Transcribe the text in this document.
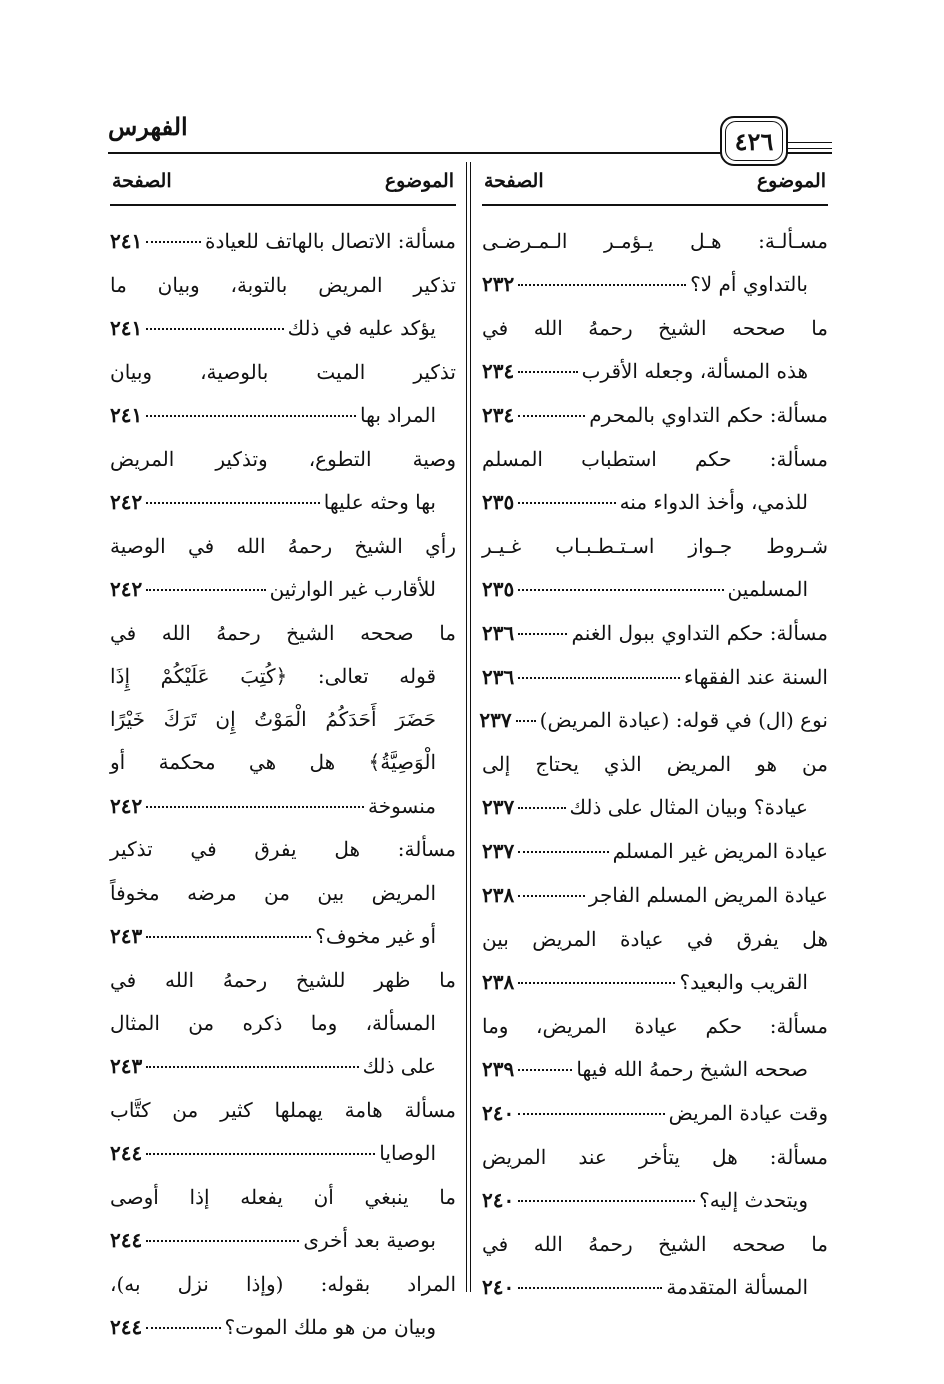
الفهرس	٤٢٦
الموضوع
الصفحة
مسـألـة: هـل يـؤمـر الـمـرضـى
بالتداوي أم لا؟
٢٣٢
ما صححه الشيخ رحمهُ الله في
هذه المسألة، وجعله الأقرب
٢٣٤
مسألة: حكم التداوي بالمحرم
٢٣٤
مسألة: حكم استطباب المسلم
للذمي، وأخذ الدواء منه
٢٣٥
شـروط جـواز اسـتـطـبـاب غـيـر
المسلمين
٢٣٥
مسألة: حكم التداوي ببول الغنم
٢٣٦
السنة عند الفقهاء
٢٣٦
نوع (ال) في قوله: (عيادة المريض)
٢٣٧
من هو المريض الذي يحتاج إلى
عيادة؟ وبيان المثال على ذلك
٢٣٧
عيادة المريض غير المسلم
٢٣٧
عيادة المريض المسلم الفاجر
٢٣٨
هل يفرق في عيادة المريض بين
القريب والبعيد؟
٢٣٨
مسألة: حكم عيادة المريض، وما
صححه الشيخ رحمهُ الله فيها
٢٣٩
وقت عيادة المريض
٢٤٠
مسألة: هل يتأخر عند المريض
ويتحدث إليه؟
٢٤٠
ما صححه الشيخ رحمهُ الله في
المسألة المتقدمة
٢٤٠
الموضوع
الصفحة
مسألة: الاتصال بالهاتف للعيادة
٢٤١
تذكير المريض بالتوبة، وبيان ما
يؤكد عليه في ذلك
٢٤١
تذكير الميت بالوصية، وبيان
المراد بها
٢٤١
وصية التطوع، وتذكير المريض
بها وحثه عليها
٢٤٢
رأي الشيخ رحمهُ الله في الوصية
للأقارب غير الوارثين
٢٤٢
ما صححه الشيخ رحمهُ الله في
قوله تعالى: ﴿كُتِبَ عَلَيْكُمْ إِذَا
حَضَرَ أَحَدَكُمُ الْمَوْتُ إِن تَرَكَ خَيْرًا
الْوَصِيَّةُ﴾ هل هي محكمة أو
منسوخة
٢٤٢
مسألة: هل يفرق في تذكير
المريض بين من مرضه مخوفاً
أو غير مخوف؟
٢٤٣
ما ظهر للشيخ رحمهُ الله في
المسألة، وما ذكره من المثال
على ذلك
٢٤٣
مسألة هامة يهملها كثير من كتَّاب
الوصايا
٢٤٤
ما ينبغي أن يفعله إذا أوصى
بوصية بعد أخرى
٢٤٤
المراد بقوله: (وإذا نزل به)،
وبيان من هو ملك الموت؟
٢٤٤
